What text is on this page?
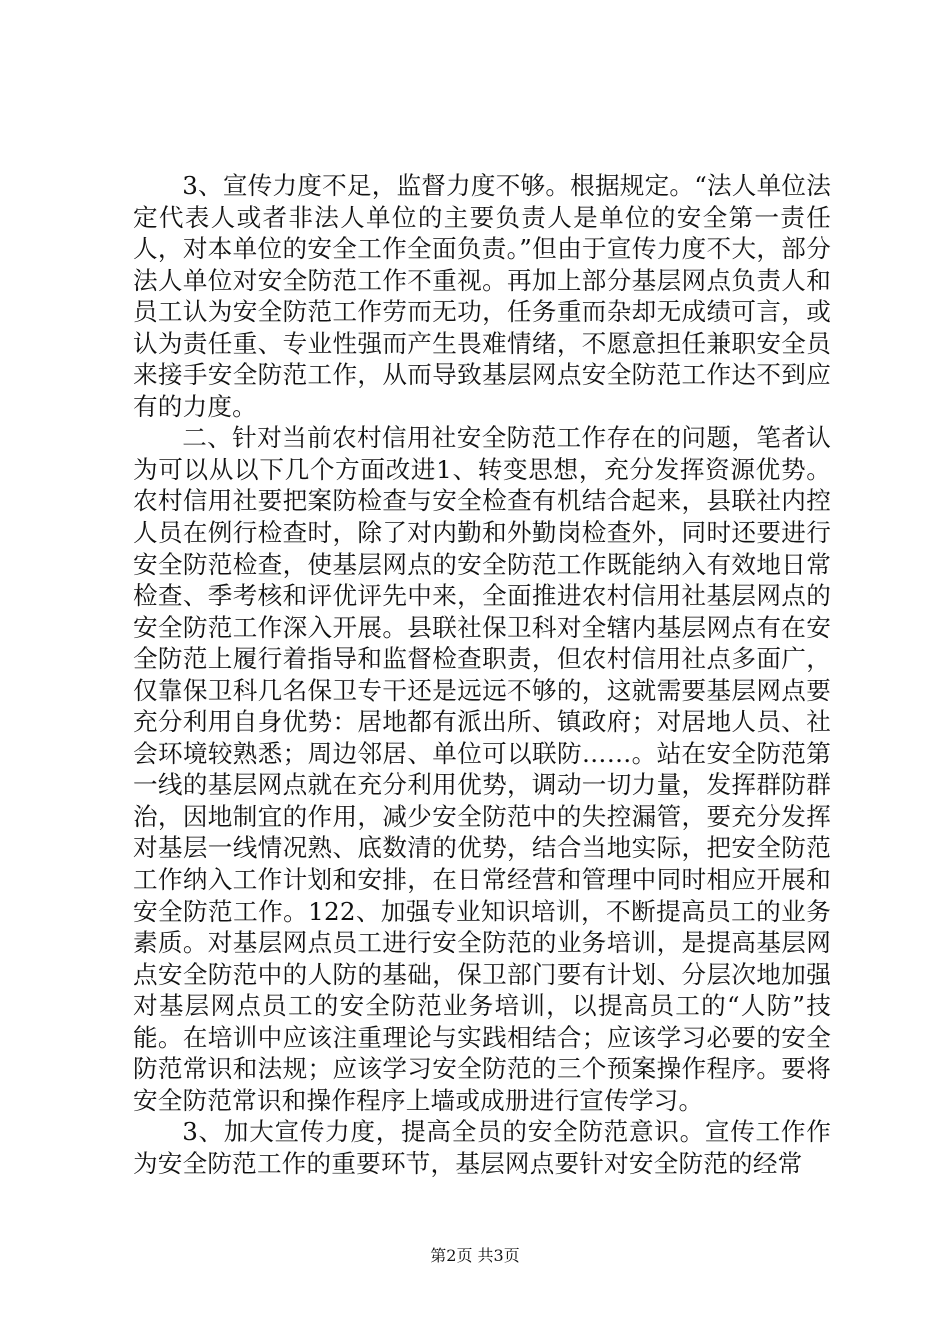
3、宣传力度不足，监督力度不够。根据规定。“法人单位法定代表人或者非法人单位的主要负责人是单位的安全第一责任人，对本单位的安全工作全面负责。”但由于宣传力度不大，部分法人单位对安全防范工作不重视。再加上部分基层网点负责人和员工认为安全防范工作劳而无功，任务重而杂却无成绩可言，或认为责任重、专业性强而产生畏难情绪，不愿意担任兼职安全员来接手安全防范工作，从而导致基层网点安全防范工作达不到应有的力度。

二、针对当前农村信用社安全防范工作存在的问题，笔者认为可以从以下几个方面改进1、转变思想，充分发挥资源优势。农村信用社要把案防检查与安全检查有机结合起来，县联社内控人员在例行检查时，除了对内勤和外勤岗检查外，同时还要进行安全防范检查，使基层网点的安全防范工作既能纳入有效地日常检查、季考核和评优评先中来，全面推进农村信用社基层网点的安全防范工作深入开展。县联社保卫科对全辖内基层网点有在安全防范上履行着指导和监督检查职责，但农村信用社点多面广，仅靠保卫科几名保卫专干还是远远不够的，这就需要基层网点要充分利用自身优势：居地都有派出所、镇政府；对居地人员、社会环境较熟悉；周边邻居、单位可以联防……。站在安全防范第一线的基层网点就在充分利用优势，调动一切力量，发挥群防群治，因地制宜的作用，减少安全防范中的失控漏管，要充分发挥对基层一线情况熟、底数清的优势，结合当地实际，把安全防范工作纳入工作计划和安排，在日常经营和管理中同时相应开展和安全防范工作。122、加强专业知识培训，不断提高员工的业务素质。对基层网点员工进行安全防范的业务培训，是提高基层网点安全防范中的人防的基础，保卫部门要有计划、分层次地加强对基层网点员工的安全防范业务培训，以提高员工的“人防”技能。在培训中应该注重理论与实践相结合；应该学习必要的安全防范常识和法规；应该学习安全防范的三个预案操作程序。要将安全防范常识和操作程序上墙或成册进行宣传学习。

3、加大宣传力度，提高全员的安全防范意识。宣传工作作为安全防范工作的重要环节，基层网点要针对安全防范的经常

第2页 共3页
